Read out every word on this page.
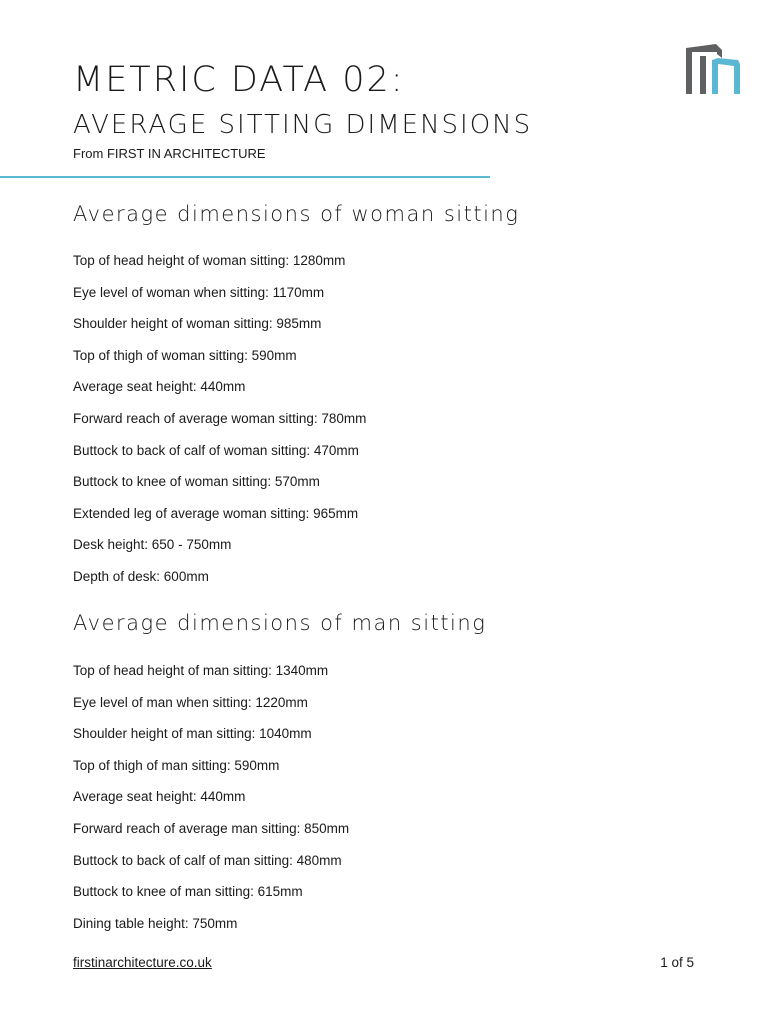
METRIC DATA 02:
AVERAGE SITTING DIMENSIONS

From FIRST IN ARCHITECTURE

Average dimensions of woman sitting
Top of head height of woman sitting: 1280mm
Eye level of woman when sitting: 1170mm
Shoulder height of woman sitting: 985mm
Top of thigh of woman sitting: 590mm
Average seat height: 440mm
Forward reach of average woman sitting: 780mm
Buttock to back of calf of woman sitting: 470mm
Buttock to knee of woman sitting: 570mm
Extended leg of average woman sitting: 965mm
Desk height: 650 - 750mm
Depth of desk: 600mm
Average dimensions of man sitting
Top of head height of man sitting: 1340mm
Eye level of man when sitting: 1220mm
Shoulder height of man sitting: 1040mm
Top of thigh of man sitting: 590mm
Average seat height: 440mm
Forward reach of average man sitting: 850mm
Buttock to back of calf of man sitting: 480mm
Buttock to knee of man sitting: 615mm
Dining table height: 750mm
firstinarchitecture.co.uk	1 of 5
